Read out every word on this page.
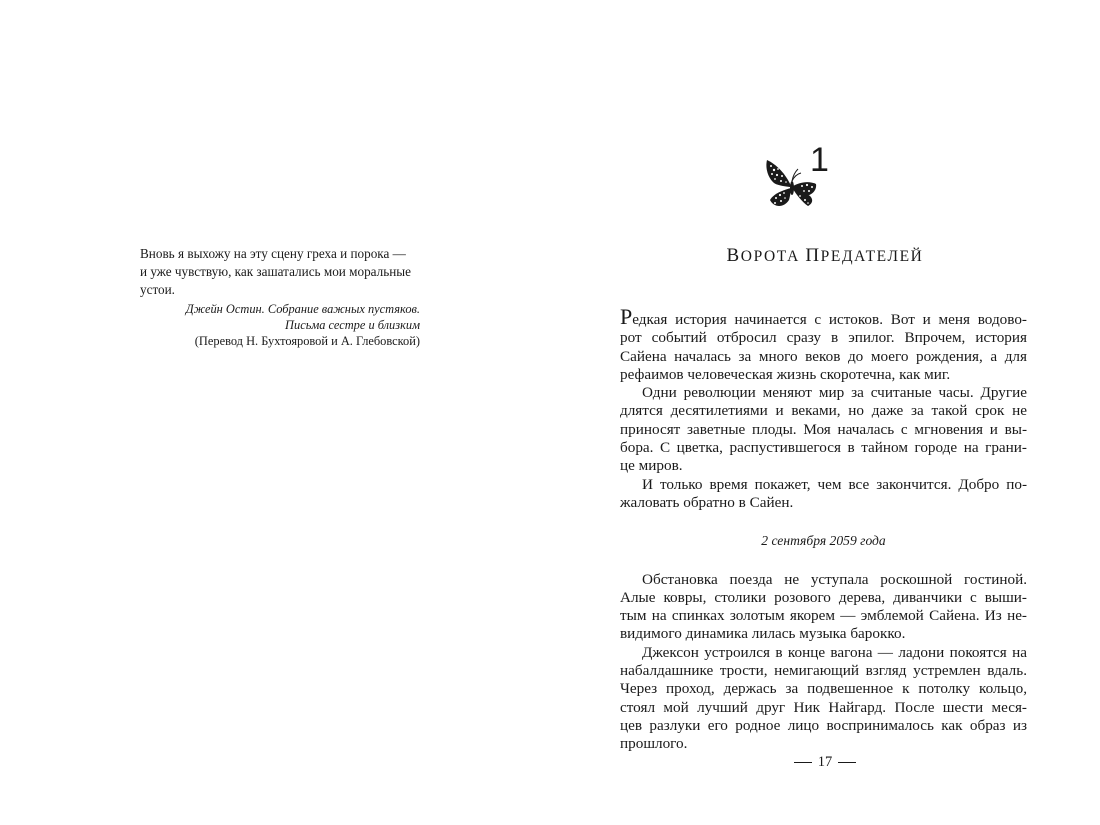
Вновь я выхожу на эту сцену греха и порока —
и уже чувствую, как зашатались мои моральные
устои.
Джейн Остин. Собрание важных пустяков.
Письма сестре и близким
(Перевод Н. Бухтояровой и А. Глебовской)
1
ВОРОТА ПРЕДАТЕЛЕЙ
Редкая история начинается с истоков. Вот и меня водово-
рот событий отбросил сразу в эпилог. Впрочем, история
Сайена началась за много веков до моего рождения, а для
рефаимов человеческая жизнь скоротечна, как миг.
Одни революции меняют мир за считаные часы. Другие
длятся десятилетиями и веками, но даже за такой срок не
приносят заветные плоды. Моя началась с мгновения и вы-
бора. С цветка, распустившегося в тайном городе на грани-
це миров.
И только время покажет, чем все закончится. Добро по-
жаловать обратно в Сайен.
2 сентября 2059 года
Обстановка поезда не уступала роскошной гостиной.
Алые ковры, столики розового дерева, диванчики с выши-
тым на спинках золотым якорем — эмблемой Сайена. Из не-
видимого динамика лилась музыка барокко.
Джексон устроился в конце вагона — ладони покоятся на
набалдашнике трости, немигающий взгляд устремлен вдаль.
Через проход, держась за подвешенное к потолку кольцо,
стоял мой лучший друг Ник Найгард. После шести меся-
цев разлуки его родное лицо воспринималось как образ из
прошлого.
17
